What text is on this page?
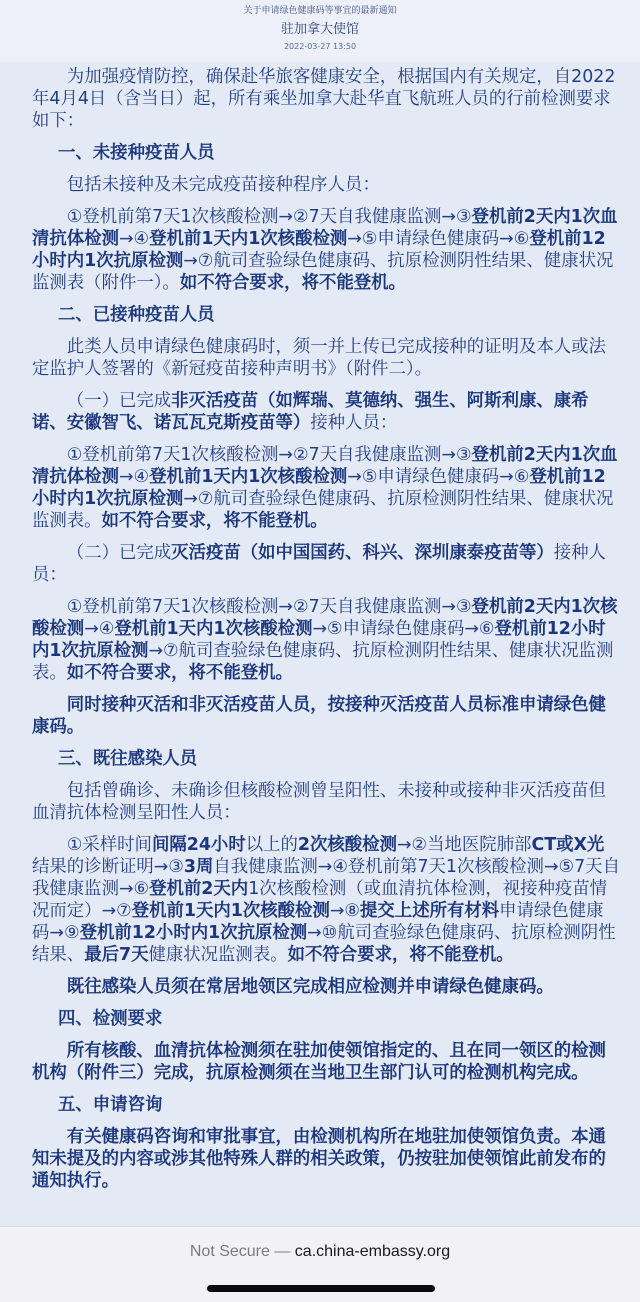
关于申请绿色健康码等事宜的最新通知
驻加拿大使馆
2022-03-27 13:50
为加强疫情防控，确保赴华旅客健康安全，根据国内有关规定，自2022年4月4日（含当日）起，所有乘坐加拿大赴华直飞航班人员的行前检测要求如下：
一、未接种疫苗人员
包括未接种及未完成疫苗接种程序人员：
①登机前第7天1次核酸检测→②7天自我健康监测→③登机前2天内1次血清抗体检测→④登机前1天内1次核酸检测→⑤申请绿色健康码→⑥登机前12小时内1次抗原检测→⑦航司查验绿色健康码、抗原检测阴性结果、健康状况监测表（附件一）。如不符合要求，将不能登机。
二、已接种疫苗人员
此类人员申请绿色健康码时，须一并上传已完成接种的证明及本人或法定监护人签署的《新冠疫苗接种声明书》（附件二）。
（一）已完成非灭活疫苗（如辉瑞、莫德纳、强生、阿斯利康、康希诺、安徽智飞、诺瓦瓦克斯疫苗等）接种人员：
①登机前第7天1次核酸检测→②7天自我健康监测→③登机前2天内1次血清抗体检测→④登机前1天内1次核酸检测→⑤申请绿色健康码→⑥登机前12小时内1次抗原检测→⑦航司查验绿色健康码、抗原检测阴性结果、健康状况监测表。如不符合要求，将不能登机。
（二）已完成灭活疫苗（如中国国药、科兴、深圳康泰疫苗等）接种人员：
①登机前第7天1次核酸检测→②7天自我健康监测→③登机前2天内1次核酸检测→④登机前1天内1次核酸检测→⑤申请绿色健康码→⑥登机前12小时内1次抗原检测→⑦航司查验绿色健康码、抗原检测阴性结果、健康状况监测表。如不符合要求，将不能登机。
同时接种灭活和非灭活疫苗人员，按接种灭活疫苗人员标准申请绿色健康码。
三、既往感染人员
包括曾确诊、未确诊但核酸检测曾呈阳性、未接种或接种非灭活疫苗但血清抗体检测呈阳性人员：
①采样时间间隔24小时以上的2次核酸检测→②当地医院肺部CT或X光结果的诊断证明→③3周自我健康监测→④登机前第7天1次核酸检测→⑤7天自我健康监测→⑥登机前2天内1次核酸检测（或血清抗体检测，视接种疫苗情况而定）→⑦登机前1天内1次核酸检测→⑧提交上述所有材料申请绿色健康码→⑨登机前12小时内1次抗原检测→⑩航司查验绿色健康码、抗原检测阴性结果、最后7天健康状况监测表。如不符合要求，将不能登机。
既往感染人员须在常居地领区完成相应检测并申请绿色健康码。
四、检测要求
所有核酸、血清抗体检测须在驻加使领馆指定的、且在同一领区的检测机构（附件三）完成，抗原检测须在当地卫生部门认可的检测机构完成。
五、申请咨询
有关健康码咨询和审批事宜，由检测机构所在地驻加使领馆负责。本通知未提及的内容或涉其他特殊人群的相关政策，仍按驻加使领馆此前发布的通知执行。
Not Secure — ca.china-embassy.org
